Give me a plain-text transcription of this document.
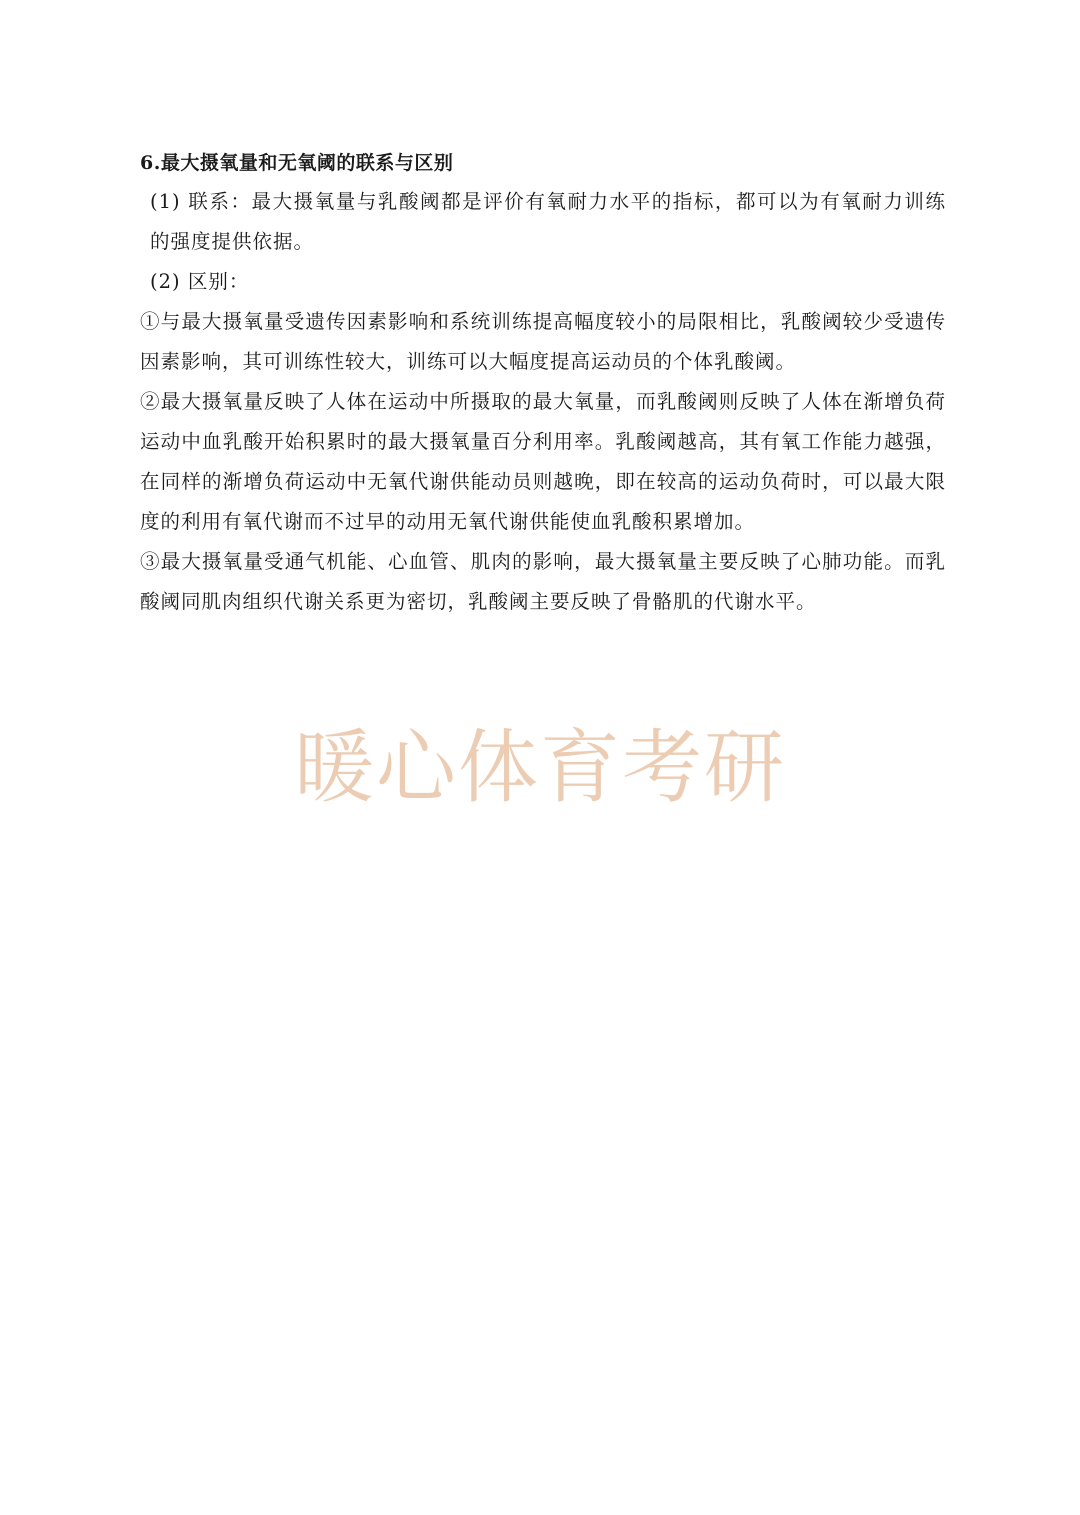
6.最大摄氧量和无氧阈的联系与区别

(1) 联系：最大摄氧量与乳酸阈都是评价有氧耐力水平的指标，都可以为有氧耐力训练的强度提供依据。

(2) 区别：

①与最大摄氧量受遗传因素影响和系统训练提高幅度较小的局限相比，乳酸阈较少受遗传因素影响，其可训练性较大，训练可以大幅度提高运动员的个体乳酸阈。

②最大摄氧量反映了人体在运动中所摄取的最大氧量，而乳酸阈则反映了人体在渐增负荷运动中血乳酸开始积累时的最大摄氧量百分利用率。乳酸阈越高，其有氧工作能力越强，在同样的渐增负荷运动中无氧代谢供能动员则越晚，即在较高的运动负荷时，可以最大限度的利用有氧代谢而不过早的动用无氧代谢供能使血乳酸积累增加。

③最大摄氧量受通气机能、心血管、肌肉的影响，最大摄氧量主要反映了心肺功能。而乳酸阈同肌肉组织代谢关系更为密切，乳酸阈主要反映了骨骼肌的代谢水平。

暖心体育考研
